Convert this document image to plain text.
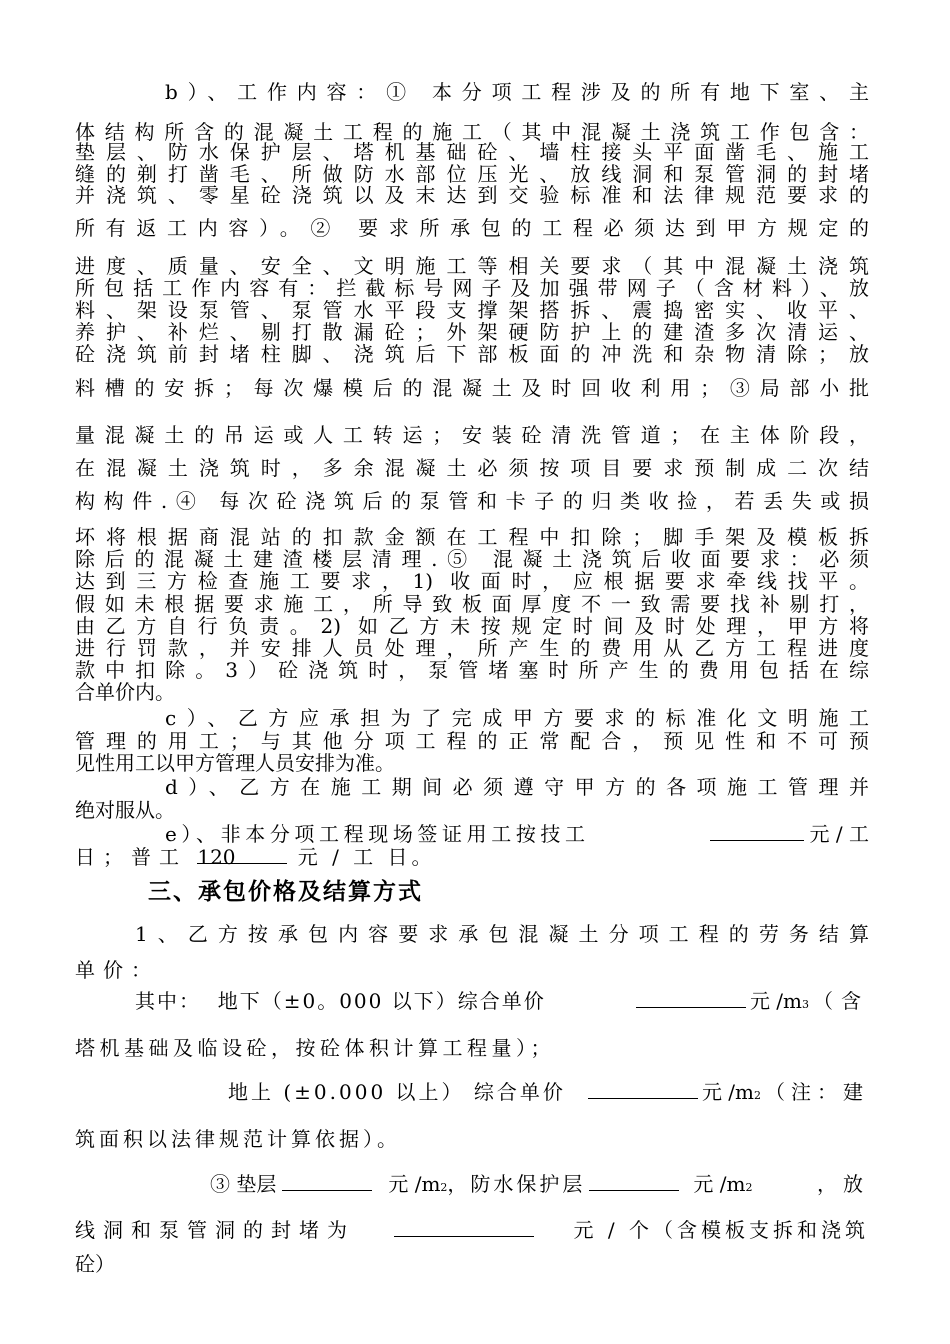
b）、工作内容：① 本分项工程涉及的所有地下室、主
体结构所含的混凝土工程的施工（其中混凝土浇筑工作包含：
垫层、防水保护层、塔机基础砼、墙柱接头平面凿毛、施工
缝的剃打凿毛、所做防水部位压光、放线洞和泵管洞的封堵
并浇筑、零星砼浇筑以及末达到交验标准和法律规范要求的
所有返工内容）。② 要求所承包的工程必须达到甲方规定的
进度、质量、安全、文明施工等相关要求（其中混凝土浇筑
所包括工作内容有：拦截标号网子及加强带网子（含材料）、放
料、架设泵管、泵管水平段支撑架搭拆、震捣密实、收平、
养护、补烂、剔打散漏砼；外架硬防护上的建渣多次清运、
砼浇筑前封堵柱脚、浇筑后下部板面的冲洗和杂物清除；放
料槽的安拆；每次爆模后的混凝土及时回收利用；③局部小批
量混凝土的吊运或人工转运；安装砼清洗管道；在主体阶段，
在混凝土浇筑时，多余混凝土必须按项目要求预制成二次结
构构件.④ 每次砼浇筑后的泵管和卡子的归类收捡，若丢失或损
坏将根据商混站的扣款金额在工程中扣除；脚手架及模板拆
除后的混凝土建渣楼层清理.⑤ 混凝土浇筑后收面要求：必须
达到三方检查施工要求，1) 收面时，应根据要求牵线找平。
假如未根据要求施工，所导致板面厚度不一致需要找补剔打，
由乙方自行负责。2) 如乙方未按规定时间及时处理，甲方将
进行罚款，并安排人员处理，所产生的费用从乙方工程进度
款中扣除。3）砼浇筑时，泵管堵塞时所产生的费用包括在综
合单价内。
c）、乙方应承担为了完成甲方要求的标准化文明施工
管理的用工；与其他分项工程的正常配合，预见性和不可预
见性用工以甲方管理人员安排为准。
d）、乙方在施工期间必须遵守甲方的各项施工管理并
绝对服从。
e）、非本分项工程现场签证用工按技工	元 / 工
日；普工 120	元 / 工 日。
三、承包价格及结算方式
1、乙方按承包内容要求承包混凝土分项工程的劳务结算
单价：
其中：  地下（±0。000 以下）综合单价	元 /m 3 （含
塔机基础及临设砼，按砼体积计算工程量）；
地上 (±0.000 以上） 综合单价	元 /m 2 （注：建
筑面积以法律规范计算依据）。
③ 垫层	元 /m 2 ，防水保护层	元 /m 2	，放
线洞和泵管洞的封堵为	元 / 个（含模板支拆和浇筑
砼）
